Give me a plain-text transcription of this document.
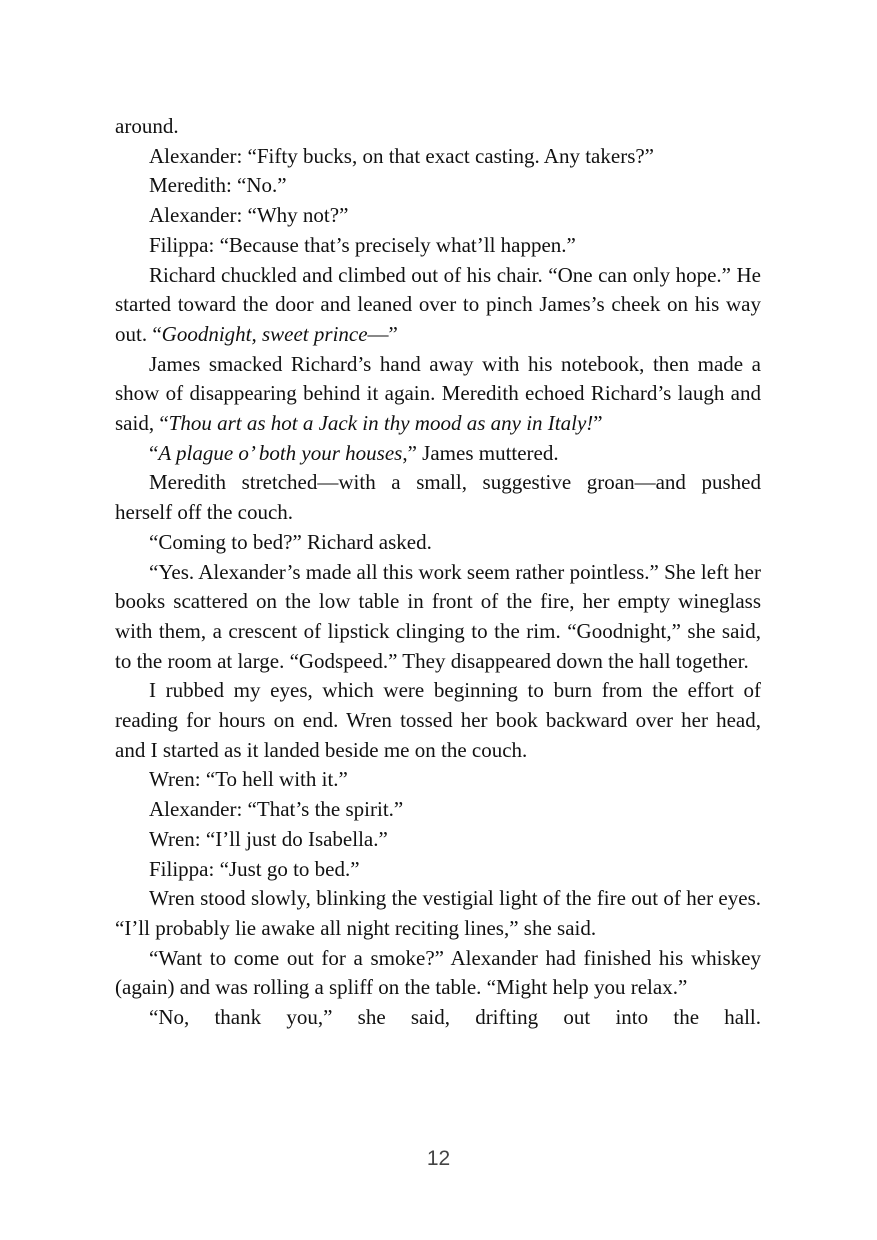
around.

Alexander: “Fifty bucks, on that exact casting. Any takers?”

Meredith: “No.”

Alexander: “Why not?”

Filippa: “Because that’s precisely what’ll happen.”

Richard chuckled and climbed out of his chair. “One can only hope.” He started toward the door and leaned over to pinch James’s cheek on his way out. “Goodnight, sweet prince—”

James smacked Richard’s hand away with his notebook, then made a show of disappearing behind it again. Meredith echoed Richard’s laugh and said, “Thou art as hot a Jack in thy mood as any in Italy!”

“A plague o’ both your houses,” James muttered.

Meredith stretched—with a small, suggestive groan—and pushed herself off the couch.

“Coming to bed?” Richard asked.

“Yes. Alexander’s made all this work seem rather pointless.” She left her books scattered on the low table in front of the fire, her empty wineglass with them, a crescent of lipstick clinging to the rim. “Goodnight,” she said, to the room at large. “Godspeed.” They disappeared down the hall together.

I rubbed my eyes, which were beginning to burn from the effort of reading for hours on end. Wren tossed her book backward over her head, and I started as it landed beside me on the couch.

Wren: “To hell with it.”

Alexander: “That’s the spirit.”

Wren: “I’ll just do Isabella.”

Filippa: “Just go to bed.”

Wren stood slowly, blinking the vestigial light of the fire out of her eyes. “I’ll probably lie awake all night reciting lines,” she said.

“Want to come out for a smoke?” Alexander had finished his whiskey (again) and was rolling a spliff on the table. “Might help you relax.”

“No, thank you,” she said, drifting out into the hall.

12
